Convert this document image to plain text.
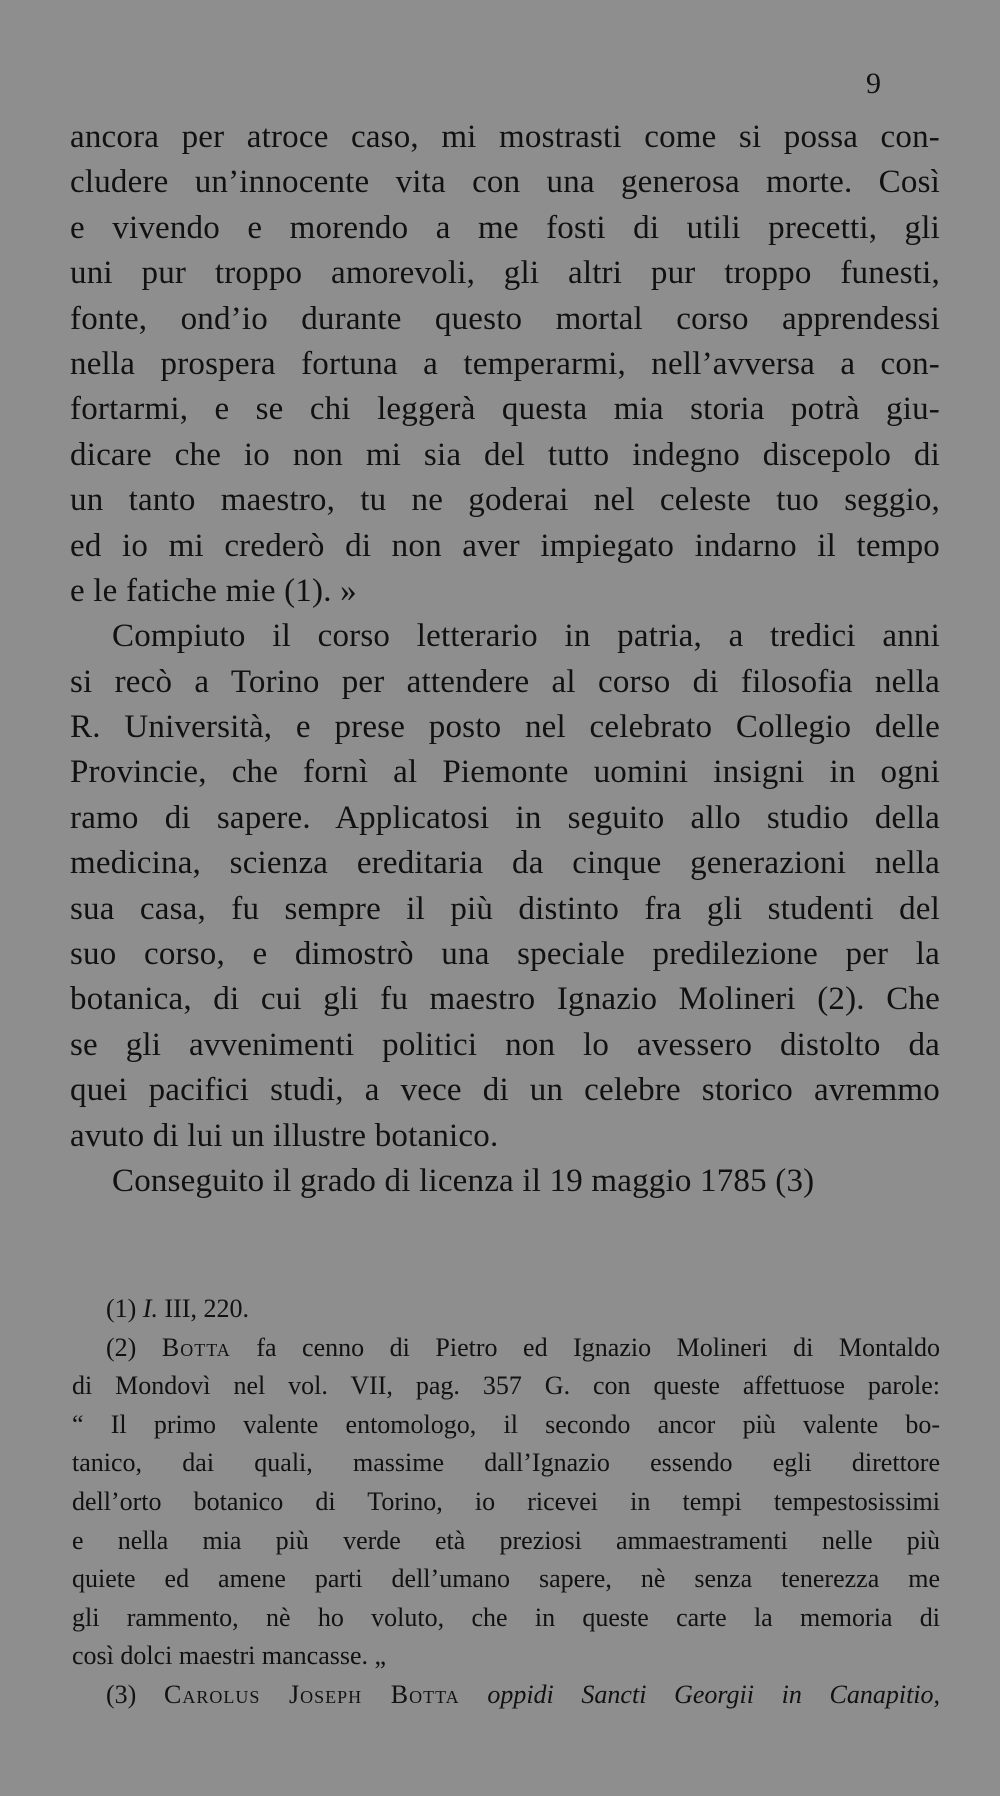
9
ancora per atroce caso, mi mostrasti come si possa con-
cludere un’innocente vita con una generosa morte. Così
e vivendo e morendo a me fosti di utili precetti, gli
uni pur troppo amorevoli, gli altri pur troppo funesti,
fonte, ond’io durante questo mortal corso apprendessi
nella prospera fortuna a temperarmi, nell’avversa a con-
fortarmi, e se chi leggerà questa mia storia potrà giu-
dicare che io non mi sia del tutto indegno discepolo di
un tanto maestro, tu ne goderai nel celeste tuo seggio,
ed io mi crederò di non aver impiegato indarno il tempo
e le fatiche mie (1). »
Compiuto il corso letterario in patria, a tredici anni
si recò a Torino per attendere al corso di filosofia nella
R. Università, e prese posto nel celebrato Collegio delle
Provincie, che fornì al Piemonte uomini insigni in ogni
ramo di sapere. Applicatosi in seguito allo studio della
medicina, scienza ereditaria da cinque generazioni nella
sua casa, fu sempre il più distinto fra gli studenti del
suo corso, e dimostrò una speciale predilezione per la
botanica, di cui gli fu maestro Ignazio Molineri (2). Che
se gli avvenimenti politici non lo avessero distolto da
quei pacifici studi, a vece di un celebre storico avremmo
avuto di lui un illustre botanico.
Conseguito il grado di licenza il 19 maggio 1785 (3)
(1) I. III, 220.
(2) Botta fa cenno di Pietro ed Ignazio Molineri di Montaldo
di Mondovì nel vol. VII, pag. 357 G. con queste affettuose parole:
“ Il primo valente entomologo, il secondo ancor più valente bo-
tanico, dai quali, massime dall’Ignazio essendo egli direttore
dell’orto botanico di Torino, io ricevei in tempi tempestosissimi
e nella mia più verde età preziosi ammaestramenti nelle più
quiete ed amene parti dell’umano sapere, nè senza tenerezza me
gli rammento, nè ho voluto, che in queste carte la memoria di
così dolci maestri mancasse. „
(3) Carolus Joseph Botta oppidi Sancti Georgii in Canapitio,
